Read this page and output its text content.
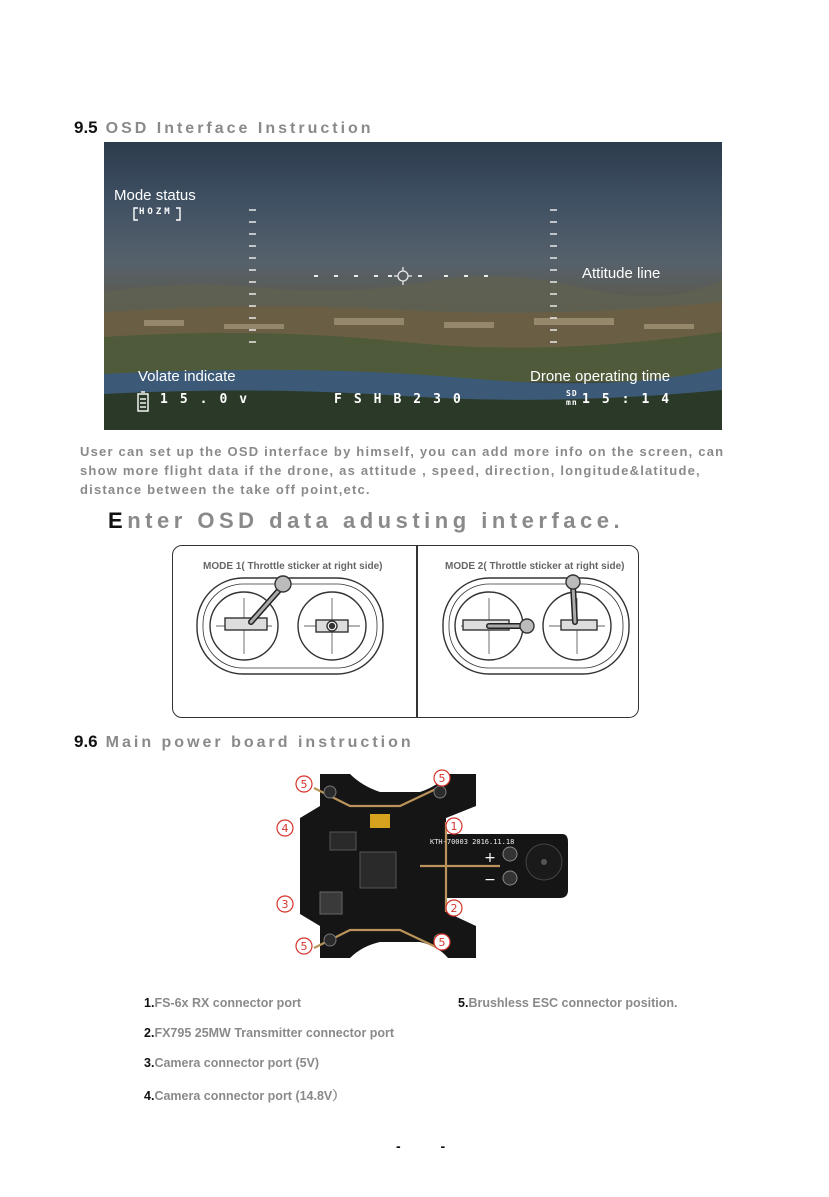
9.5 OSD Interface Instruction
Mode status
HOZM
Attitude line
Volate indicate
15.0v	FSHB230
Drone operating time
SD
mn 15:14
User can set up the OSD interface by himself, you can add more info on the screen, can show more flight data if the drone, as attitude , speed, direction, longitude&latitude, distance between the take off point,etc.
Enter OSD data adusting interface.
MODE 1( Throttle sticker at right side)	MODE 2( Throttle sticker at right side)
9.6 Main power board instruction
1
2
3
4
5	5
5	5
+
−
KTH-70003 2016.11.18
1.FS-6x RX connector port
2.FX795 25MW Transmitter connector port
3.Camera connector port (5V)
4.Camera connector port (14.8V）
5.Brushless ESC connector position.
- -
